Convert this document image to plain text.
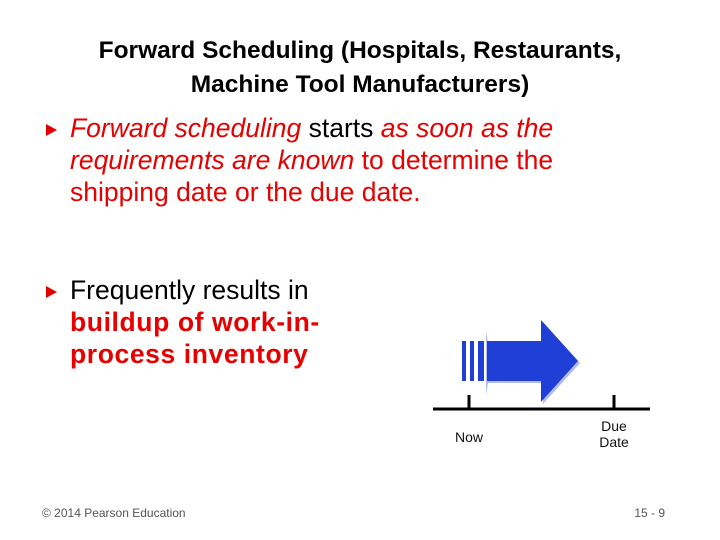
Forward Scheduling (Hospitals, Restaurants,
Machine Tool Manufacturers)
Forward scheduling starts as soon as the
requirements are known to determine the
shipping date or the due date.
Frequently results in
buildup of work-in-
process inventory
Now
Due
Date
© 2014 Pearson Education	15 - 9
